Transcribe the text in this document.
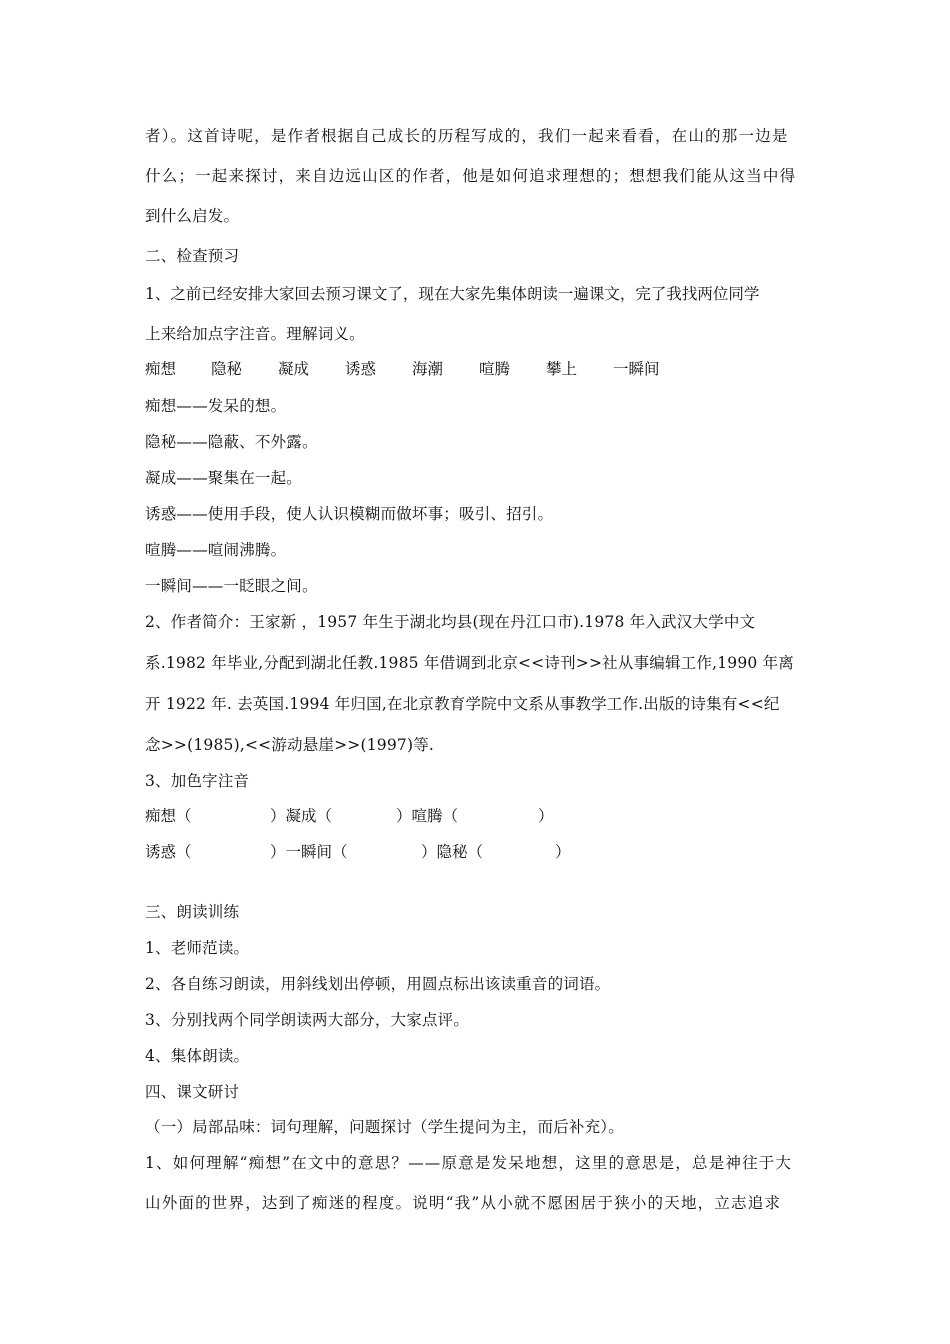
者）。这首诗呢，是作者根据自己成长的历程写成的，我们一起来看看，在山的那一边是
什么；一起来探讨，来自边远山区的作者，他是如何追求理想的；想想我们能从这当中得
到什么启发。
二、检查预习
1、之前已经安排大家回去预习课文了，现在大家先集体朗读一遍课文，完了我找两位同学
上来给加点字注音。理解词义。
痴想 隐秘 凝成 诱惑 海潮 喧腾 攀上 一瞬间
痴想——发呆的想。
隐秘——隐蔽、不外露。
凝成——聚集在一起。
诱惑——使用手段，使人认识模糊而做坏事；吸引、招引。
喧腾——喧闹沸腾。
一瞬间——一眨眼之间。
2、作者简介：王家新 ，1957 年生于湖北均县(现在丹江口市).1978 年入武汉大学中文
系.1982 年毕业,分配到湖北任教.1985 年借调到北京<<诗刊>>社从事编辑工作,1990 年离
开 1922 年. 去英国.1994 年归国,在北京教育学院中文系从事教学工作.出版的诗集有<<纪
念>>(1985),<<游动悬崖>>(1997)等.
3、加色字注音
痴想（	）凝成（	）喧腾（	）
诱惑（	）一瞬间（	）隐秘（	）
三、朗读训练
1、老师范读。
2、各自练习朗读，用斜线划出停顿，用圆点标出该读重音的词语。
3、分别找两个同学朗读两大部分，大家点评。
4、集体朗读。
四、课文研讨
（一）局部品味：词句理解，问题探讨（学生提问为主，而后补充）。
1、如何理解“痴想”在文中的意思？——原意是发呆地想，这里的意思是，总是神往于大
山外面的世界，达到了痴迷的程度。说明“我”从小就不愿困居于狭小的天地，立志追求
